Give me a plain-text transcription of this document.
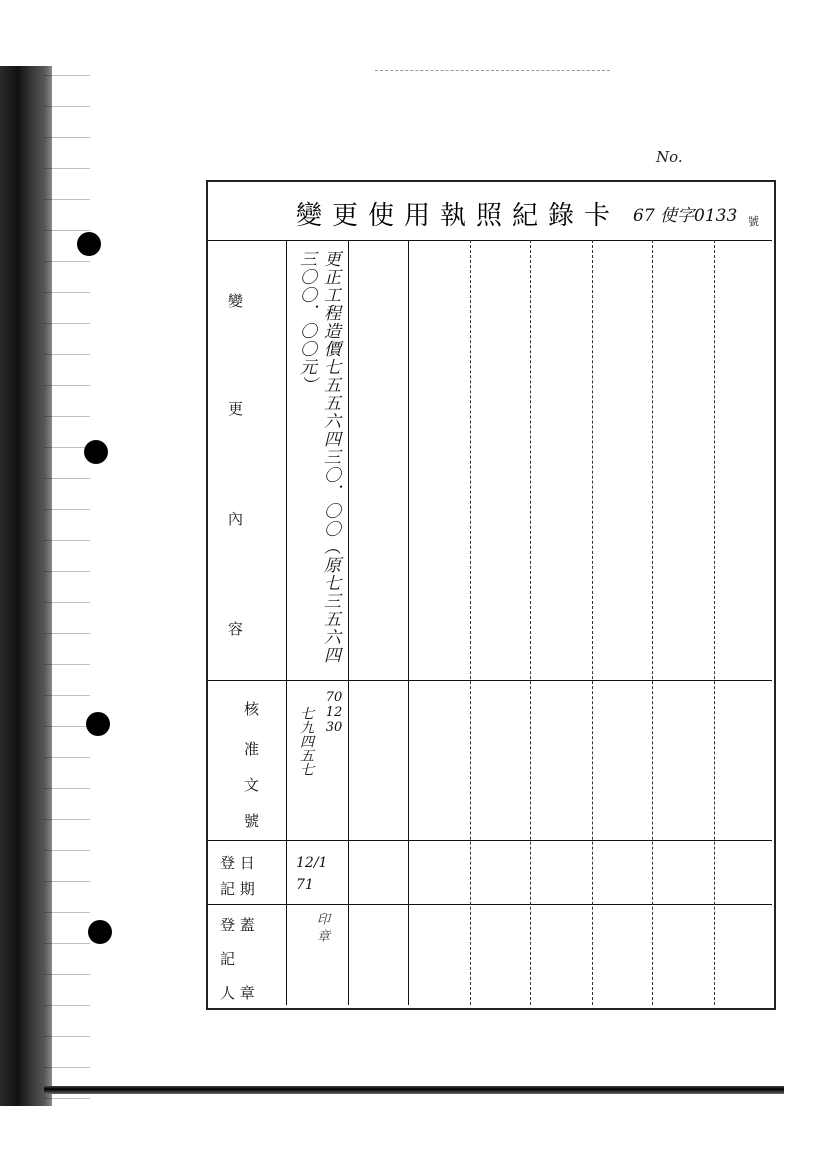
No.
變更使用執照紀錄卡 67 使字0133 號
變
更
內
容
核
准
文
號
登 日
記 期
登 蓋
記
人 章
更正工程造價七五五六四三〇．〇〇（原七三五六四三〇〇．〇〇元）
70 12 30
七九四五七
12/1 71
印 章
